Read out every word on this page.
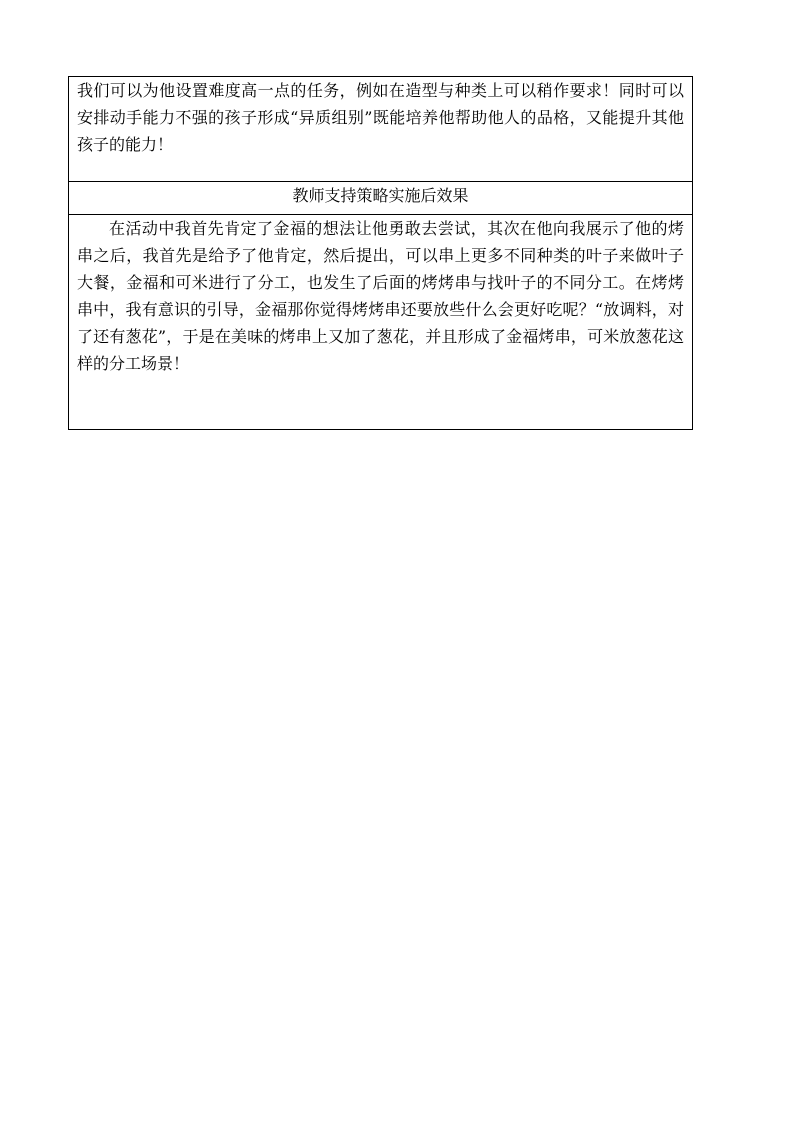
我们可以为他设置难度高一点的任务，例如在造型与种类上可以稍作要求！同时可以安排动手能力不强的孩子形成“异质组别”既能培养他帮助他人的品格，又能提升其他孩子的能力！

教师支持策略实施后效果

在活动中我首先肯定了金福的想法让他勇敢去尝试，其次在他向我展示了他的烤串之后，我首先是给予了他肯定，然后提出，可以串上更多不同种类的叶子来做叶子大餐，金福和可米进行了分工，也发生了后面的烤烤串与找叶子的不同分工。在烤烤串中，我有意识的引导，金福那你觉得烤烤串还要放些什么会更好吃呢？“放调料，对了还有葱花”，于是在美味的烤串上又加了葱花，并且形成了金福烤串，可米放葱花这样的分工场景！
